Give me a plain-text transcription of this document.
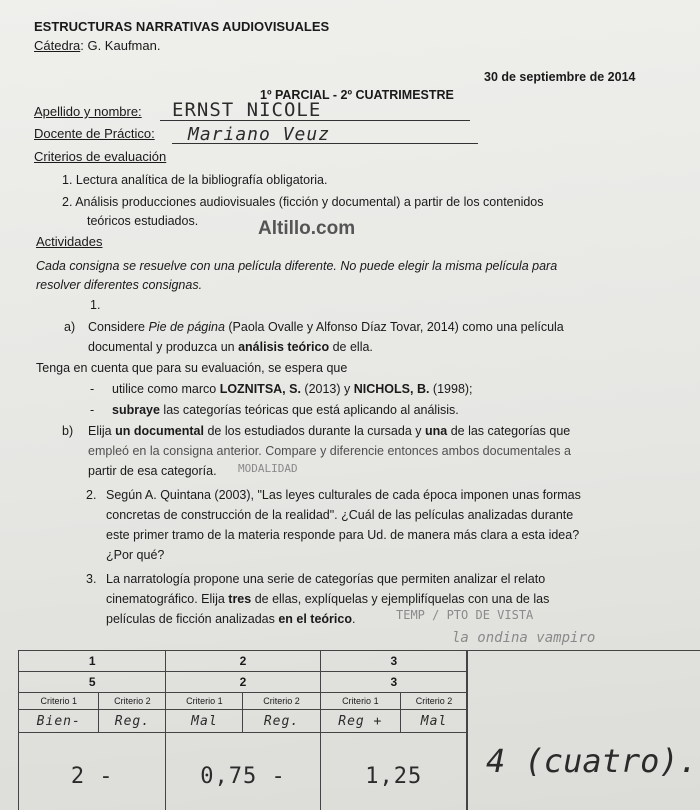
ESTRUCTURAS NARRATIVAS AUDIOVISUALES
Cátedra: G. Kaufman.
30 de septiembre de 2014
1º PARCIAL - 2º CUATRIMESTRE
Apellido y nombre: ERNST NICOLE
Docente de Práctico: Mariano Veuz
Criterios de evaluación
1. Lectura analítica de la bibliografía obligatoria.
2. Análisis producciones audiovisuales (ficción y documental) a partir de los contenidos
teóricos estudiados.	Altillo.com
Actividades
Cada consigna se resuelve con una película diferente. No puede elegir la misma película para
resolver diferentes consignas.
1.
a) Considere Pie de página (Paola Ovalle y Alfonso Díaz Tovar, 2014) como una película
documental y produzca un análisis teórico de ella.
Tenga en cuenta que para su evaluación, se espera que
- utilice como marco LOZNITSA, S. (2013) y NICHOLS, B. (1998);
- subraye las categorías teóricas que está aplicando al análisis.
b) Elija un documental de los estudiados durante la cursada y una de las categorías que
empleó en la consigna anterior. Compare y diferencie entonces ambos documentales a
partir de esa categoría. MODALIDAD
2. Según A. Quintana (2003), "Las leyes culturales de cada época imponen unas formas
concretas de construcción de la realidad". ¿Cuál de las películas analizadas durante
este primer tramo de la materia responde para Ud. de manera más clara a esta idea?
¿Por qué?
3. La narratología propone una serie de categorías que permiten analizar el relato
cinematográfico. Elija tres de ellas, explíquelas y ejemplifíquelas con una de las
películas de ficción analizadas en el teórico.	TEMP / PTO DE VISTA
la ondina vampiro
1		2		3	
5		2		3	
Criterio 1	Criterio 2	Criterio 1	Criterio 2	Criterio 1	Criterio 2
Bien-	Reg.	Mal	Reg.	Reg +	Mal
2 -		0,75 -		1,25	4 (cuatro).
